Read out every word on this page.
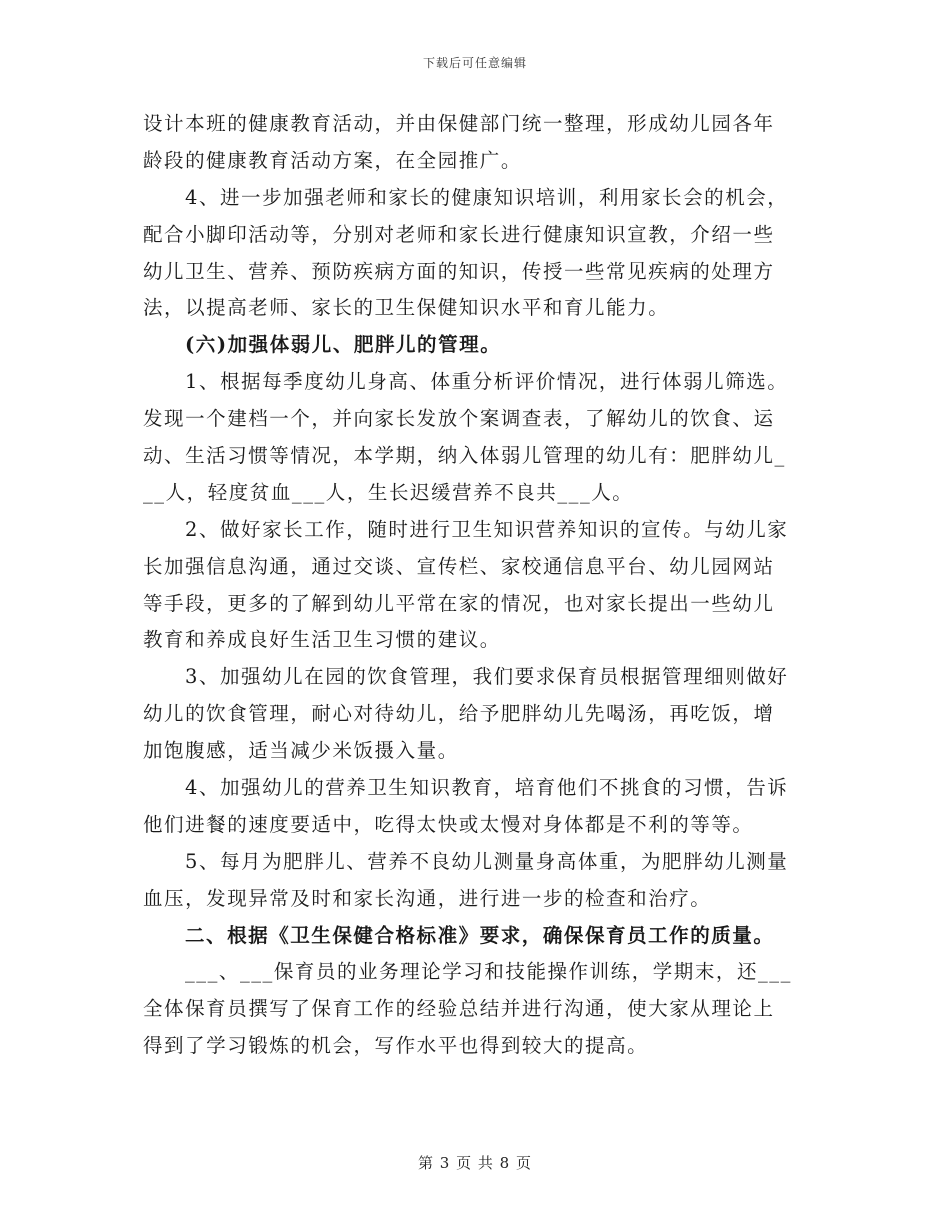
下载后可任意编辑
设计本班的健康教育活动，并由保健部门统一整理，形成幼儿园各年
龄段的健康教育活动方案，在全园推广。
4、进一步加强老师和家长的健康知识培训，利用家长会的机会，
配合小脚印活动等，分别对老师和家长进行健康知识宣教，介绍一些
幼儿卫生、营养、预防疾病方面的知识，传授一些常见疾病的处理方
法，以提高老师、家长的卫生保健知识水平和育儿能力。
(六)加强体弱儿、肥胖儿的管理。
1、根据每季度幼儿身高、体重分析评价情况，进行体弱儿筛选。
发现一个建档一个，并向家长发放个案调查表，了解幼儿的饮食、运
动、生活习惯等情况，本学期，纳入体弱儿管理的幼儿有：肥胖幼儿_
__人，轻度贫血___人，生长迟缓营养不良共___人。
2、做好家长工作，随时进行卫生知识营养知识的宣传。与幼儿家
长加强信息沟通，通过交谈、宣传栏、家校通信息平台、幼儿园网站
等手段，更多的了解到幼儿平常在家的情况，也对家长提出一些幼儿
教育和养成良好生活卫生习惯的建议。
3、加强幼儿在园的饮食管理，我们要求保育员根据管理细则做好
幼儿的饮食管理，耐心对待幼儿，给予肥胖幼儿先喝汤，再吃饭，增
加饱腹感，适当减少米饭摄入量。
4、加强幼儿的营养卫生知识教育，培育他们不挑食的习惯，告诉
他们进餐的速度要适中，吃得太快或太慢对身体都是不利的等等。
5、每月为肥胖儿、营养不良幼儿测量身高体重，为肥胖幼儿测量
血压，发现异常及时和家长沟通，进行进一步的检查和治疗。
二、根据《卫生保健合格标准》要求，确保保育员工作的质量。
___、___保育员的业务理论学习和技能操作训练，学期末，还___
全体保育员撰写了保育工作的经验总结并进行沟通，使大家从理论上
得到了学习锻炼的机会，写作水平也得到较大的提高。
第 3 页 共 8 页
